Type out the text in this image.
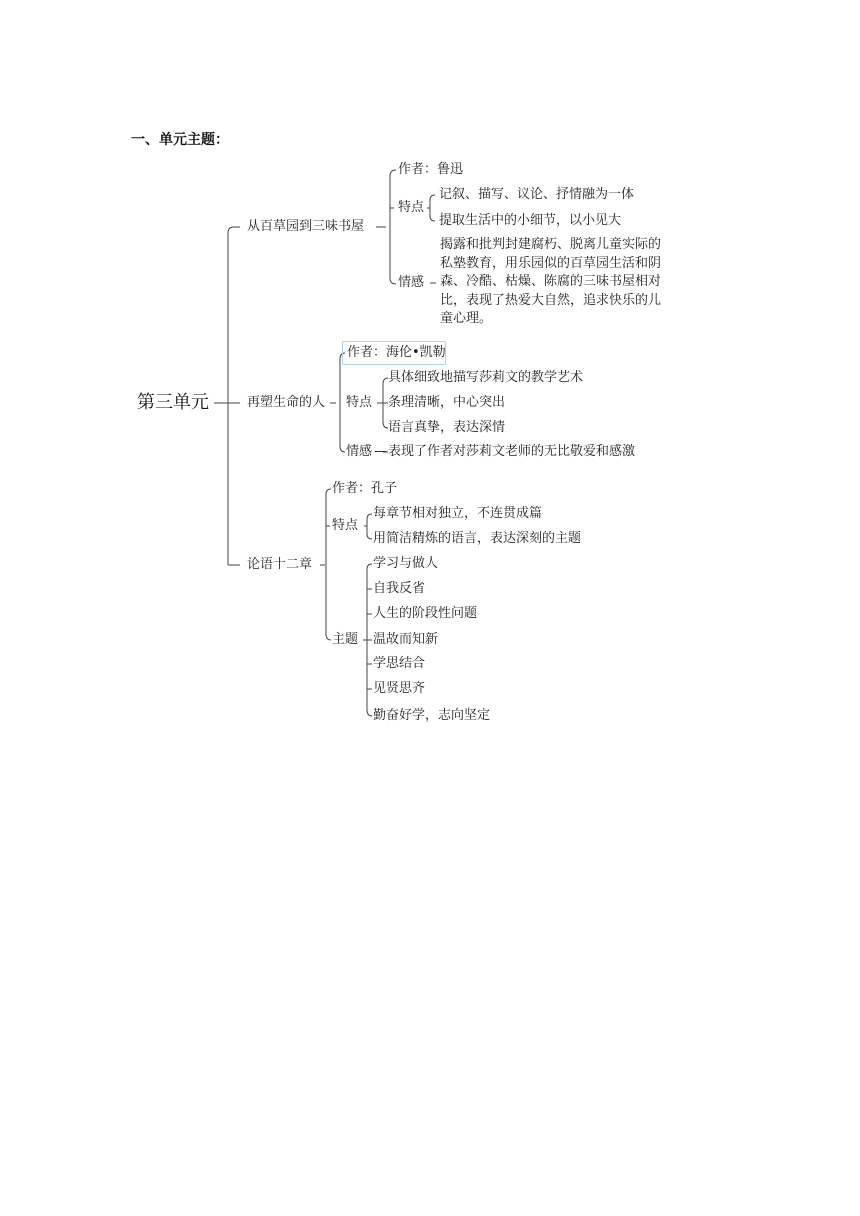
一、单元主题：
第三单元
从百草园到三味书屋
作者：鲁迅
特点
记叙、描写、议论、抒情融为一体
提取生活中的小细节，以小见大
情感
揭露和批判封建腐朽、脱离儿童实际的私塾教育，用乐园似的百草园生活和阴森、冷酷、枯燥、陈腐的三味书屋相对比，表现了热爱大自然，追求快乐的儿童心理。
再塑生命的人
作者：海伦•凯勒
特点
具体细致地描写莎莉文的教学艺术
条理清晰，中心突出
语言真挚，表达深情
情感 — 表现了作者对莎莉文老师的无比敬爱和感激
论语十二章
作者：孔子
特点
每章节相对独立，不连贯成篇
用简洁精炼的语言，表达深刻的主题
主题
学习与做人
自我反省
人生的阶段性问题
温故而知新
学思结合
见贤思齐
勤奋好学，志向坚定
